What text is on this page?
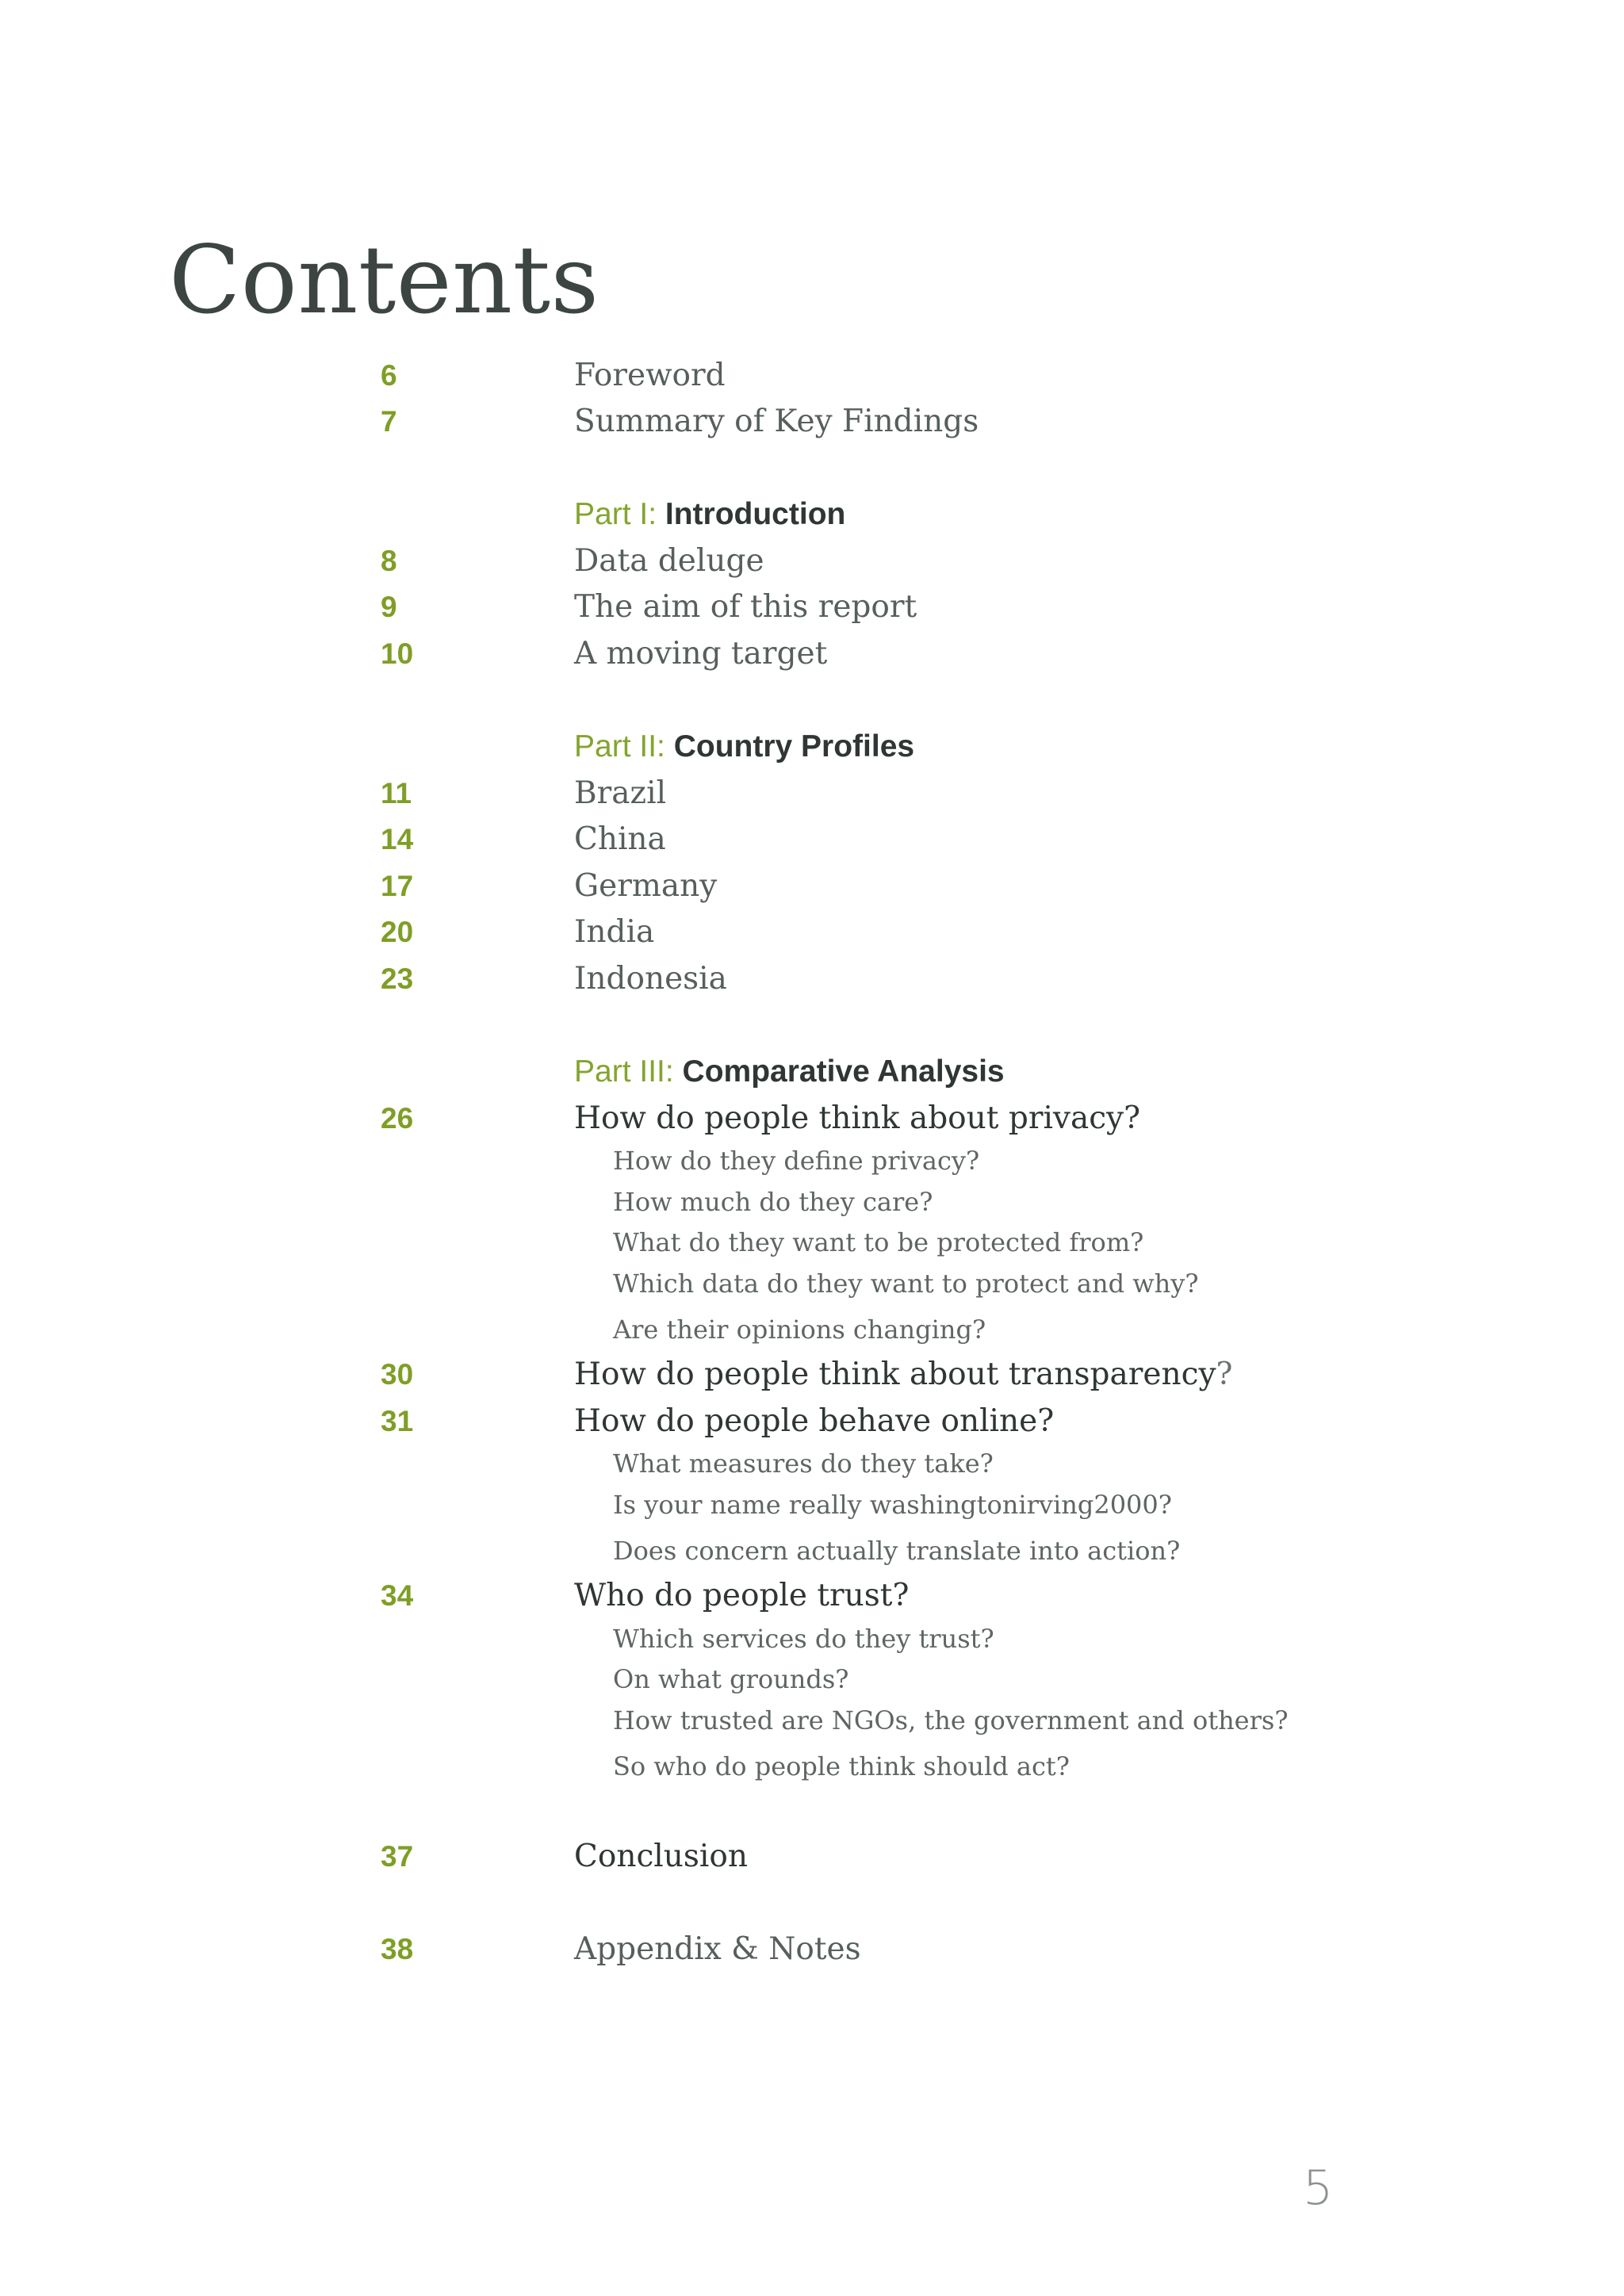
Contents
6	Foreword
7	Summary of Key Findings
Part I: Introduction
8	Data deluge
9	The aim of this report
10	A moving target
Part II: Country Profiles
11	Brazil
14	China
17	Germany
20	India
23	Indonesia
Part III: Comparative Analysis
26	How do people think about privacy?
How do they define privacy?
How much do they care?
What do they want to be protected from?
Which data do they want to protect and why?
Are their opinions changing?
30	How do people think about transparency?
31	How do people behave online?
What measures do they take?
Is your name really washingtonirving2000?
Does concern actually translate into action?
34	Who do people trust?
Which services do they trust?
On what grounds?
How trusted are NGOs, the government and others?
So who do people think should act?
37	Conclusion
38	Appendix & Notes
5
